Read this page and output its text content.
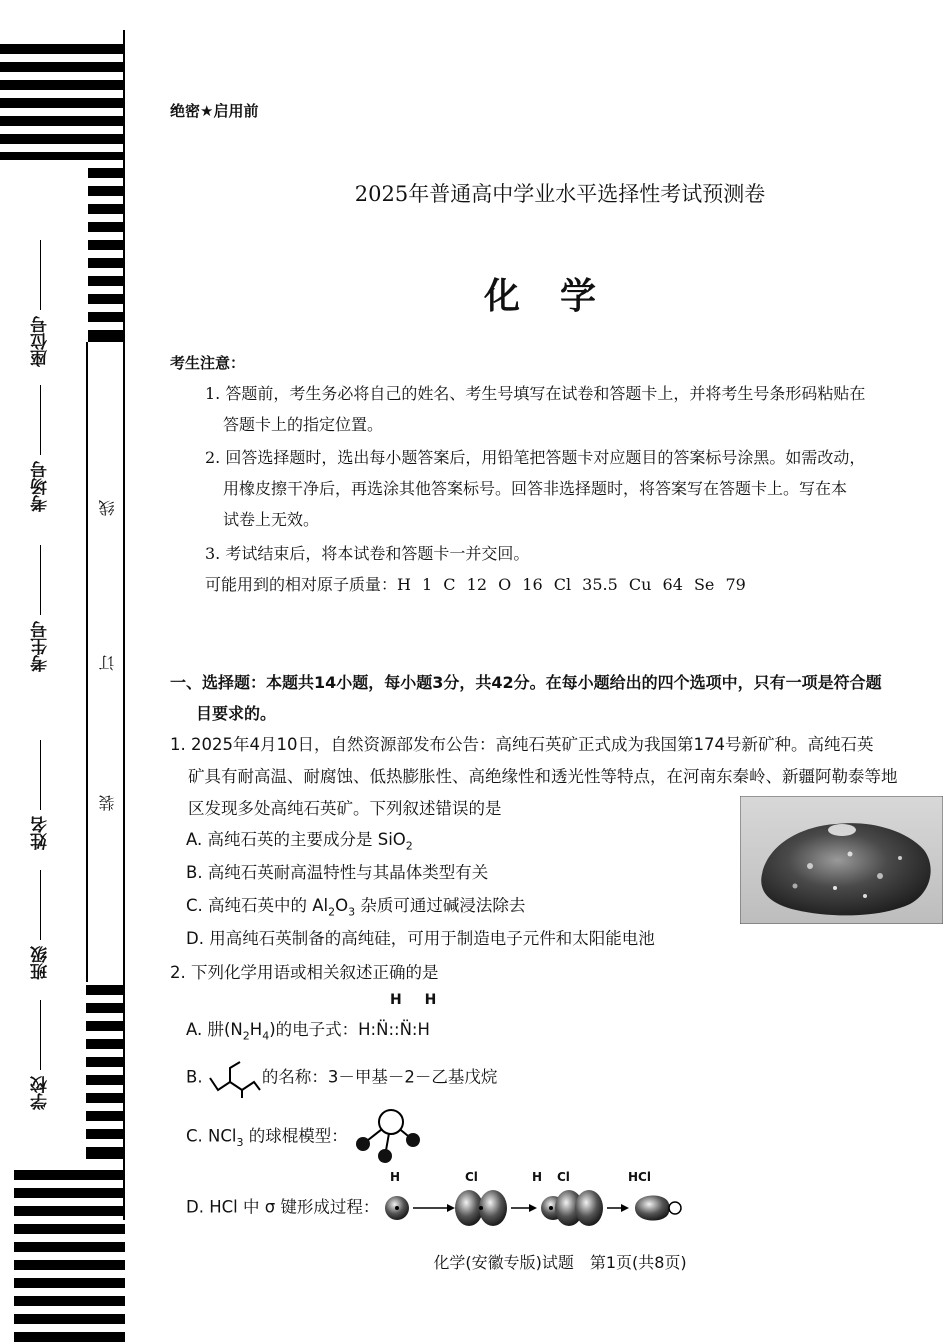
座位号
考场号
考生号
姓名
班级
学校
线
订
装
绝密★启用前
2025年普通高中学业水平选择性考试预测卷
化学
考生注意：
1. 答题前，考生务必将自己的姓名、考生号填写在试卷和答题卡上，并将考生号条形码粘贴在
答题卡上的指定位置。
2. 回答选择题时，选出每小题答案后，用铅笔把答题卡对应题目的答案标号涂黑。如需改动，
用橡皮擦干净后，再选涂其他答案标号。回答非选择题时，将答案写在答题卡上。写在本
试卷上无效。
3. 考试结束后，将本试卷和答题卡一并交回。
可能用到的相对原子质量：H 1 C 12 O 16 Cl 35.5 Cu 64 Se 79
一、选择题：本题共14小题，每小题3分，共42分。在每小题给出的四个选项中，只有一项是符合题
目要求的。
1. 2025年4月10日，自然资源部发布公告：高纯石英矿正式成为我国第174号新矿种。高纯石英
矿具有耐高温、耐腐蚀、低热膨胀性、高绝缘性和透光性等特点，在河南东秦岭、新疆阿勒泰等地
区发现多处高纯石英矿。下列叙述错误的是
A. 高纯石英的主要成分是 SiO$_2$
B. 高纯石英耐高温特性与其晶体类型有关
C. 高纯石英中的 $Al_2O_3$ 杂质可通过碱浸法除去
D. 用高纯石英制备的高纯硅，可用于制造电子元件和太阳能电池
2. 下列化学用语或相关叙述正确的是
H H
A. 肼$(N_2H_4)$的电子式：H:N̈::N̈:H
B.	的名称：3－甲基－2－乙基戊烷
C. NCl$_3$ 的球棍模型：
H	Cl	H Cl	HCl
D. HCl 中 σ 键形成过程：
化学(安徽专版)试题　第1页(共8页)
